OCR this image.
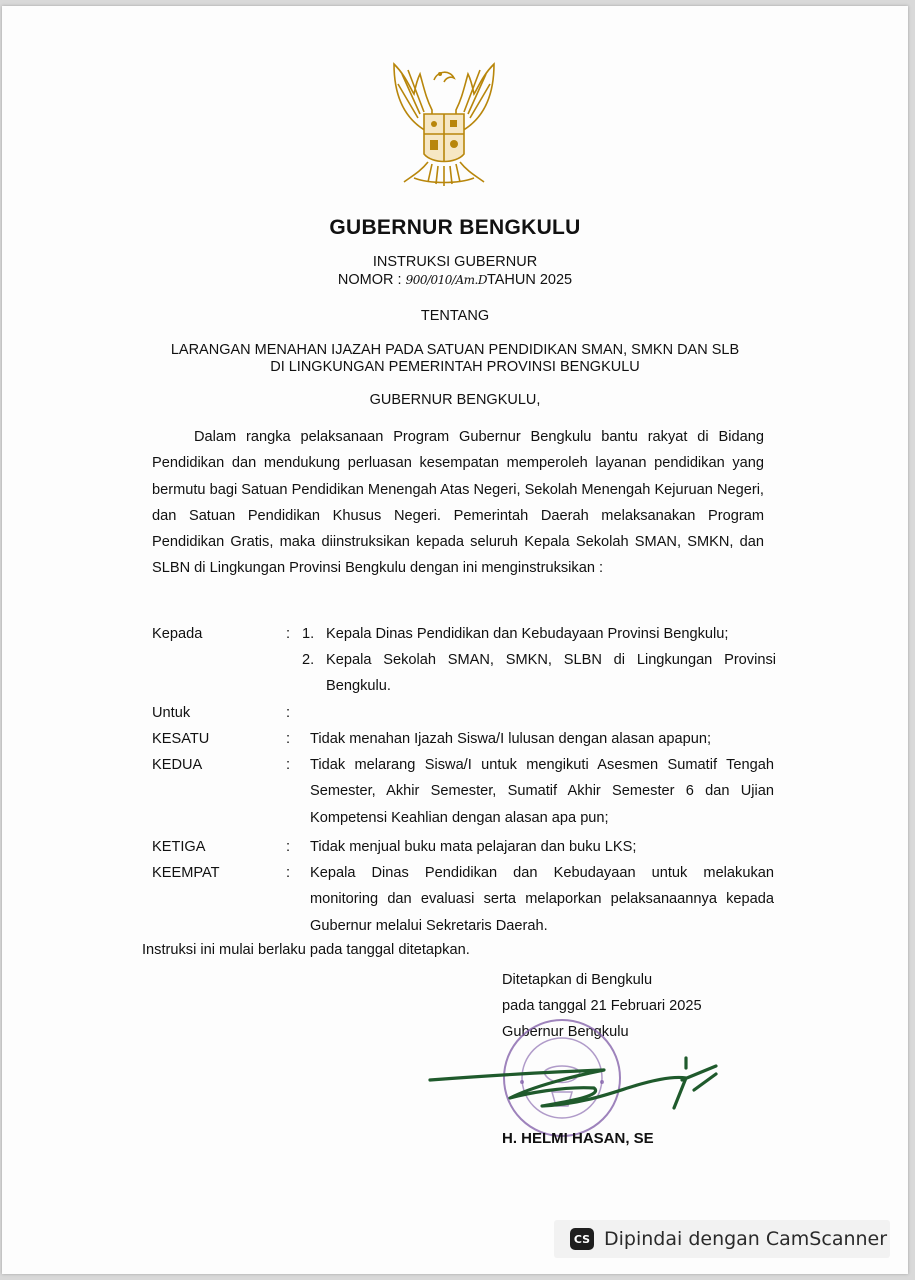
GUBERNUR BENGKULU
INSTRUKSI GUBERNUR
NOMOR : 900/010/Am.DTAHUN 2025
TENTANG
LARANGAN MENAHAN IJAZAH PADA SATUAN PENDIDIKAN SMAN, SMKN DAN SLB
DI LINGKUNGAN PEMERINTAH PROVINSI BENGKULU
GUBERNUR BENGKULU,

Dalam rangka pelaksanaan Program Gubernur Bengkulu bantu rakyat di Bidang Pendidikan dan mendukung perluasan kesempatan memperoleh layanan pendidikan yang bermutu bagi Satuan Pendidikan Menengah Atas Negeri, Sekolah Menengah Kejuruan Negeri, dan Satuan Pendidikan Khusus Negeri. Pemerintah Daerah melaksanakan Program Pendidikan Gratis, maka diinstruksikan kepada seluruh Kepala Sekolah SMAN, SMKN, dan SLBN di Lingkungan Provinsi Bengkulu dengan ini menginstruksikan :

Kepada	: 1. Kepala Dinas Pendidikan dan Kebudayaan Provinsi Bengkulu;
2. Kepala Sekolah SMAN, SMKN, SLBN di Lingkungan Provinsi Bengkulu.
Untuk	:
KESATU	: Tidak menahan Ijazah Siswa/I lulusan dengan alasan apapun;
KEDUA	: Tidak melarang Siswa/I untuk mengikuti Asesmen Sumatif Tengah Semester, Akhir Semester, Sumatif Akhir Semester 6 dan Ujian Kompetensi Keahlian dengan alasan apa pun;
KETIGA	: Tidak menjual buku mata pelajaran dan buku LKS;
KEEMPAT	: Kepala Dinas Pendidikan dan Kebudayaan untuk melakukan monitoring dan evaluasi serta melaporkan pelaksanaannya kepada Gubernur melalui Sekretaris Daerah.
Instruksi ini mulai berlaku pada tanggal ditetapkan.
Ditetapkan di Bengkulu
pada tanggal 21 Februari 2025
Gubernur Bengkulu
H. HELMI HASAN, SE
CS Dipindai dengan CamScanner
